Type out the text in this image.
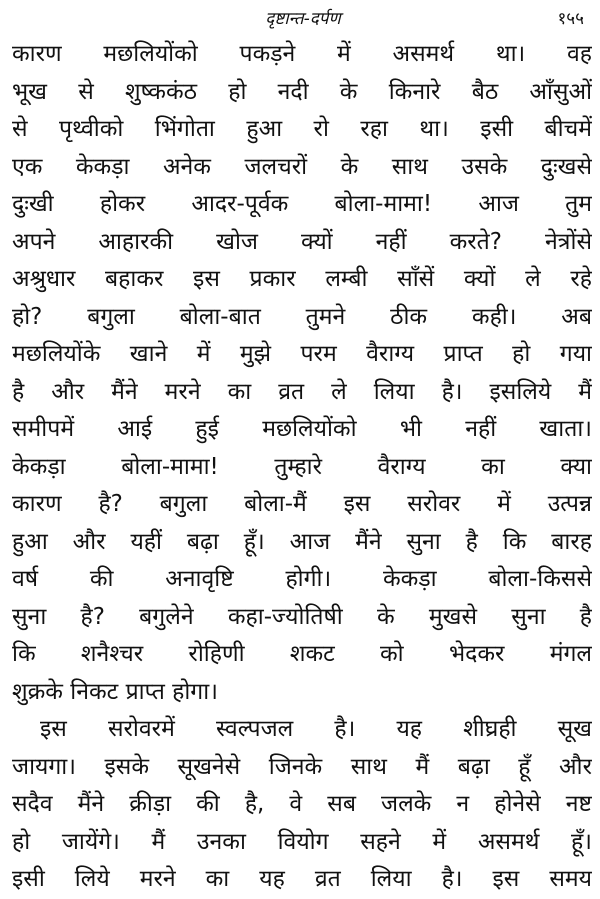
दृष्टान्त-दर्पण	१५५
कारण मछलियोंको पकड़ने में असमर्थ था। वह
भूख से शुष्ककंठ हो नदी के किनारे बैठ आँसुओं
से पृथ्वीको भिंगोता हुआ रो रहा था। इसी बीचमें
एक केकड़ा अनेक जलचरों के साथ उसके दुःखसे
दुःखी होकर आदर-पूर्वक बोला-मामा! आज तुम
अपने आहारकी खोज क्यों नहीं करते? नेत्रोंसे
अश्रुधार बहाकर इस प्रकार लम्बी साँसें क्यों ले रहे
हो? बगुला बोला-बात तुमने ठीक कही। अब
मछलियोंके खाने में मुझे परम वैराग्य प्राप्त हो गया
है और मैंने मरने का व्रत ले लिया है। इसलिये मैं
समीपमें आई हुई मछलियोंको भी नहीं खाता।
केकड़ा बोला-मामा! तुम्हारे वैराग्य का क्या
कारण है? बगुला बोला-मैं इस सरोवर में उत्पन्न
हुआ और यहीं बढ़ा हूँ। आज मैंने सुना है कि बारह
वर्ष की अनावृष्टि होगी। केकड़ा बोला-किससे
सुना है? बगुलेने कहा-ज्योतिषी के मुखसे सुना है
कि शनैश्चर रोहिणी शकट को भेदकर मंगल
शुक्रके निकट प्राप्त होगा।
इस सरोवरमें स्वल्पजल है। यह शीघ्रही सूख
जायगा। इसके सूखनेसे जिनके साथ मैं बढ़ा हूँ और
सदैव मैंने क्रीड़ा की है, वे सब जलके न होनेसे नष्ट
हो जायेंगे। मैं उनका वियोग सहने में असमर्थ हूँ।
इसी लिये मरने का यह व्रत लिया है। इस समय
